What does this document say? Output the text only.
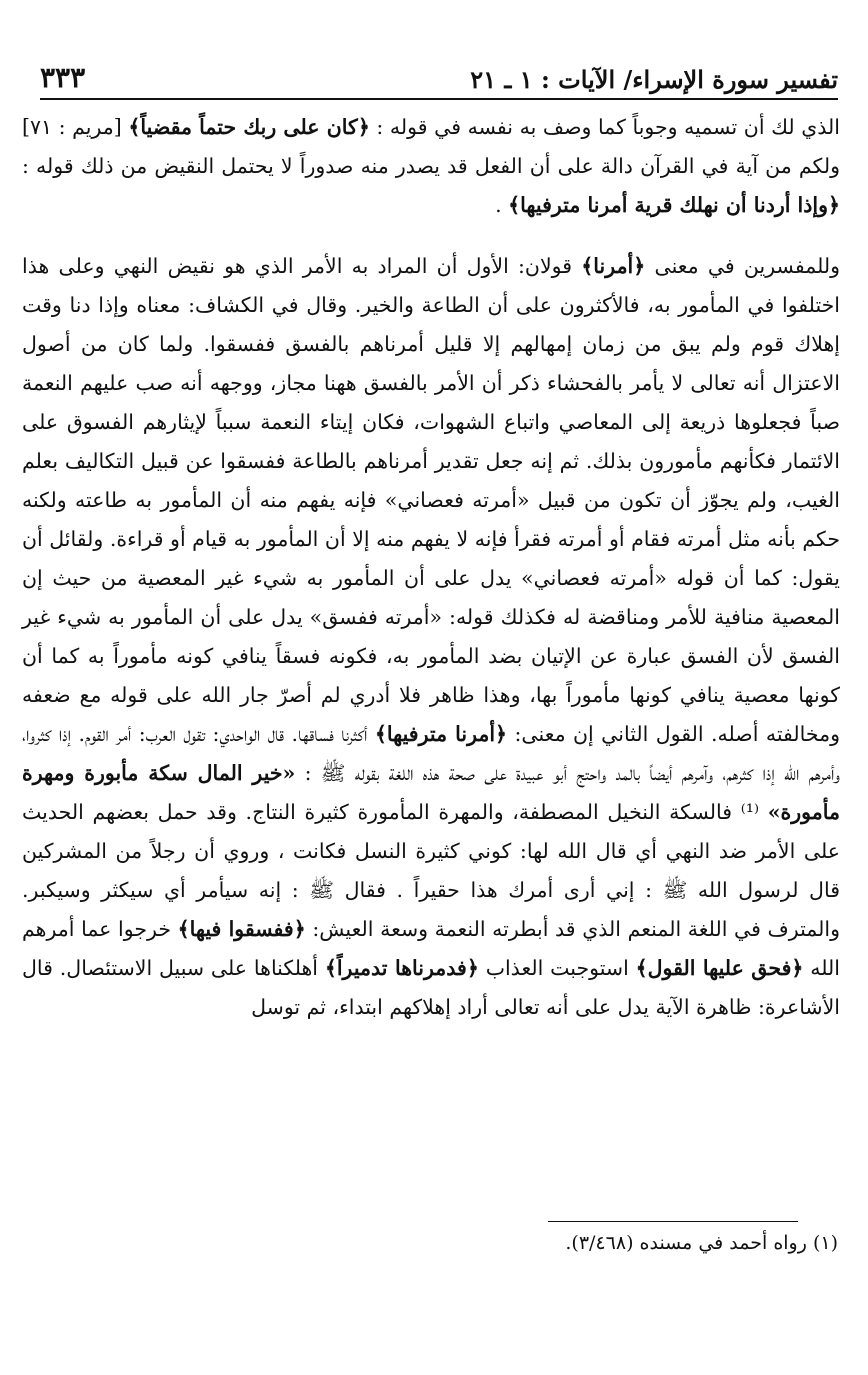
تفسير سورة الإسراء/ الآيات : ١ ـ ٢١
٣٣٣

الذي لك أن تسميه وجوباً كما وصف به نفسه في قوله : ﴿كان على ربك حتماً مقضياً﴾ [مريم : ٧١] ولكم من آية في القرآن دالة على أن الفعل قد يصدر منه صدوراً لا يحتمل النقيض من ذلك قوله : ﴿وإذا أردنا أن نهلك قرية أمرنا مترفيها﴾ .

وللمفسرين في معنى ﴿أمرنا﴾ قولان: الأول أن المراد به الأمر الذي هو نقيض النهي وعلى هذا اختلفوا في المأمور به، فالأكثرون على أن الطاعة والخير. وقال في الكشاف: معناه وإذا دنا وقت إهلاك قوم ولم يبق من زمان إمهالهم إلا قليل أمرناهم بالفسق ففسقوا. ولما كان من أصول الاعتزال أنه تعالى لا يأمر بالفحشاء ذكر أن الأمر بالفسق ههنا مجاز، ووجهه أنه صب عليهم النعمة صباً فجعلوها ذريعة إلى المعاصي واتباع الشهوات، فكان إيتاء النعمة سبباً لإيثارهم الفسوق على الائتمار فكأنهم مأمورون بذلك. ثم إنه جعل تقدير أمرناهم بالطاعة ففسقوا عن قبيل التكاليف بعلم الغيب، ولم يجوّز أن تكون من قبيل «أمرته فعصاني» فإنه يفهم منه أن المأمور به طاعته ولكنه حكم بأنه مثل أمرته فقام أو أمرته فقرأ فإنه لا يفهم منه إلا أن المأمور به قيام أو قراءة. ولقائل أن يقول: كما أن قوله «أمرته فعصاني» يدل على أن المأمور به شيء غير المعصية من حيث إن المعصية منافية للأمر ومناقضة له فكذلك قوله: «أمرته ففسق» يدل على أن المأمور به شيء غير الفسق لأن الفسق عبارة عن الإتيان بضد المأمور به، فكونه فسقاً ينافي كونه مأموراً به كما أن كونها معصية ينافي كونها مأموراً بها، وهذا ظاهر فلا أدري لم أصرّ جار الله على قوله مع ضعفه ومخالفته أصله. القول الثاني إن معنى: ﴿أمرنا مترفيها﴾ أكثرنا فساقها. قال الواحدي: تقول العرب: أمر القوم. إذا كثروا، وأمرهم الله إذا كثرهم، وآمرهم أيضاً بالمد واحتج أبو عبيدة على صحة هذه اللغة بقوله ﷺ : «خير المال سكة مأبورة ومهرة مأمورة» ⁽¹⁾ فالسكة النخيل المصطفة، والمهرة المأمورة كثيرة النتاج. وقد حمل بعضهم الحديث على الأمر ضد النهي أي قال الله لها: كوني كثيرة النسل فكانت ، وروي أن رجلاً من المشركين قال لرسول الله ﷺ : إني أرى أمرك هذا حقيراً . فقال ﷺ : إنه سيأمر أي سيكثر وسيكبر. والمترف في اللغة المنعم الذي قد أبطرته النعمة وسعة العيش: ﴿ففسقوا فيها﴾ خرجوا عما أمرهم الله ﴿فحق عليها القول﴾ استوجبت العذاب ﴿فدمرناها تدميراً﴾ أهلكناها على سبيل الاستئصال. قال الأشاعرة: ظاهرة الآية يدل على أنه تعالى أراد إهلاكهم ابتداء، ثم توسل

(١) رواه أحمد في مسنده (٣/٤٦٨).
